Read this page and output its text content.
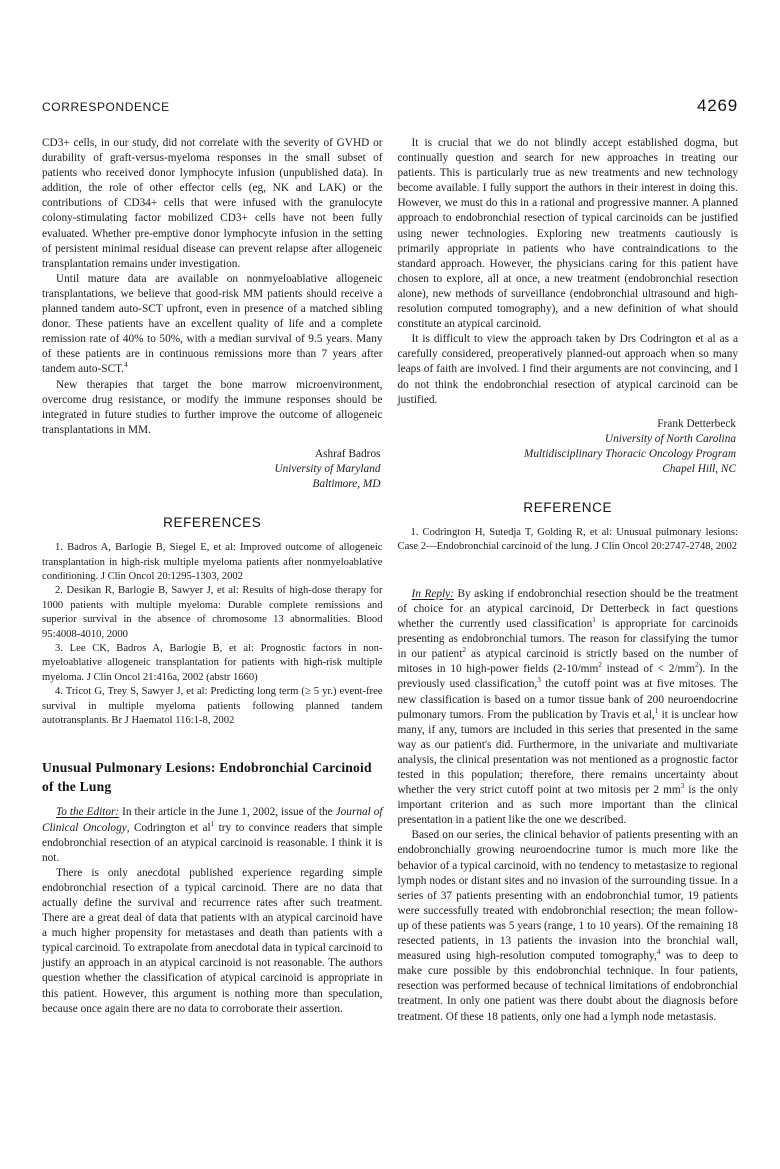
CORRESPONDENCE	4269

CD3+ cells, in our study, did not correlate with the severity of GVHD or durability of graft-versus-myeloma responses in the small subset of patients who received donor lymphocyte infusion (unpublished data). In addition, the role of other effector cells (eg, NK and LAK) or the contributions of CD34+ cells that were infused with the granulocyte colony-stimulating factor mobilized CD3+ cells have not been fully evaluated. Whether pre-emptive donor lymphocyte infusion in the setting of persistent minimal residual disease can prevent relapse after allogeneic transplantation remains under investigation.

Until mature data are available on nonmyeloablative allogeneic transplantations, we believe that good-risk MM patients should receive a planned tandem auto-SCT upfront, even in presence of a matched sibling donor. These patients have an excellent quality of life and a complete remission rate of 40% to 50%, with a median survival of 9.5 years. Many of these patients are in continuous remissions more than 7 years after tandem auto-SCT.$^4$

New therapies that target the bone marrow microenvironment, overcome drug resistance, or modify the immune responses should be integrated in future studies to further improve the outcome of allogeneic transplantations in MM.

Ashraf Badros
University of Maryland
Baltimore, MD
REFERENCES

1. Badros A, Barlogie B, Siegel E, et al: Improved outcome of allogeneic transplantation in high-risk multiple myeloma patients after nonmyeloablative conditioning. J Clin Oncol 20:1295-1303, 2002

2. Desikan R, Barlogie B, Sawyer J, et al: Results of high-dose therapy for 1000 patients with multiple myeloma: Durable complete remissions and superior survival in the absence of chromosome 13 abnormalities. Blood 95:4008-4010, 2000

3. Lee CK, Badros A, Barlogie B, et al: Prognostic factors in non-myeloablative allogeneic transplantation for patients with high-risk multiple myeloma. J Clin Oncol 21:416a, 2002 (abstr 1660)

4. Tricot G, Trey S, Sawyer J, et al: Predicting long term (≥ 5 yr.) event-free survival in multiple myeloma patients following planned tandem autotransplants. Br J Haematol 116:1-8, 2002

Unusual Pulmonary Lesions: Endobronchial Carcinoid of the Lung

To the Editor: In their article in the June 1, 2002, issue of the Journal of Clinical Oncology, Codrington et $al^1$ try to convince readers that simple endobronchial resection of an atypical carcinoid is reasonable. I think it is not.

There is only anecdotal published experience regarding simple endobronchial resection of a typical carcinoid. There are no data that actually define the survival and recurrence rates after such treatment. There are a great deal of data that patients with an atypical carcinoid have a much higher propensity for metastases and death than patients with a typical carcinoid. To extrapolate from anecdotal data in typical carcinoid to justify an approach in an atypical carcinoid is not reasonable. The authors question whether the classification of atypical carcinoid is appropriate in this patient. However, this argument is nothing more than speculation, because once again there are no data to corroborate their assertion.

It is crucial that we do not blindly accept established dogma, but continually question and search for new approaches in treating our patients. This is particularly true as new treatments and new technology become available. I fully support the authors in their interest in doing this. However, we must do this in a rational and progressive manner. A planned approach to endobronchial resection of typical carcinoids can be justified using newer technologies. Exploring new treatments cautiously is primarily appropriate in patients who have contraindications to the standard approach. However, the physicians caring for this patient have chosen to explore, all at once, a new treatment (endobronchial resection alone), new methods of surveillance (endobronchial ultrasound and high-resolution computed tomography), and a new definition of what should constitute an atypical carcinoid.

It is difficult to view the approach taken by Drs Codrington et al as a carefully considered, preoperatively planned-out approach when so many leaps of faith are involved. I find their arguments are not convincing, and I do not think the endobronchial resection of atypical carcinoid can be justified.

Frank Detterbeck
University of North Carolina
Multidisciplinary Thoracic Oncology Program
Chapel Hill, NC
REFERENCE

1. Codrington H, Sutedja T, Golding R, et al: Unusual pulmonary lesions: Case 2—Endobronchial carcinoid of the lung. J Clin Oncol 20:2747-2748, 2002

In Reply: By asking if endobronchial resection should be the treatment of choice for an atypical carcinoid, Dr Detterbeck in fact questions whether the currently used classification$^1$ is appropriate for carcinoids presenting as endobronchial tumors. The reason for classifying the tumor in our patient$^2$ as atypical carcinoid is strictly based on the number of mitoses in 10 high-power fields ($2-10/mm^2$ instead of < $2/mm^2$). In the previously used classification,$^3$ the cutoff point was at five mitoses. The new classification is based on a tumor tissue bank of 200 neuroendocrine pulmonary tumors. From the publication by Travis et al,$^1$ it is unclear how many, if any, tumors are included in this series that presented in the same way as our patient's did. Furthermore, in the univariate and multivariate analysis, the clinical presentation was not mentioned as a prognostic factor tested in this population; therefore, there remains uncertainty about whether the very strict cutoff point at two mitosis per 2 $mm^3$ is the only important criterion and as such more important than the clinical presentation in a patient like the one we described.

Based on our series, the clinical behavior of patients presenting with an endobronchially growing neuroendocrine tumor is much more like the behavior of a typical carcinoid, with no tendency to metastasize to regional lymph nodes or distant sites and no invasion of the surrounding tissue. In a series of 37 patients presenting with an endobronchial tumor, 19 patients were successfully treated with endobronchial resection; the mean follow-up of these patients was 5 years (range, 1 to 10 years). Of the remaining 18 resected patients, in 13 patients the invasion into the bronchial wall, measured using high-resolution computed tomography,$^4$ was to deep to make cure possible by this endobronchial technique. In four patients, resection was performed because of technical limitations of endobronchial treatment. In only one patient was there doubt about the diagnosis before treatment. Of these 18 patients, only one had a lymph node metastasis.
